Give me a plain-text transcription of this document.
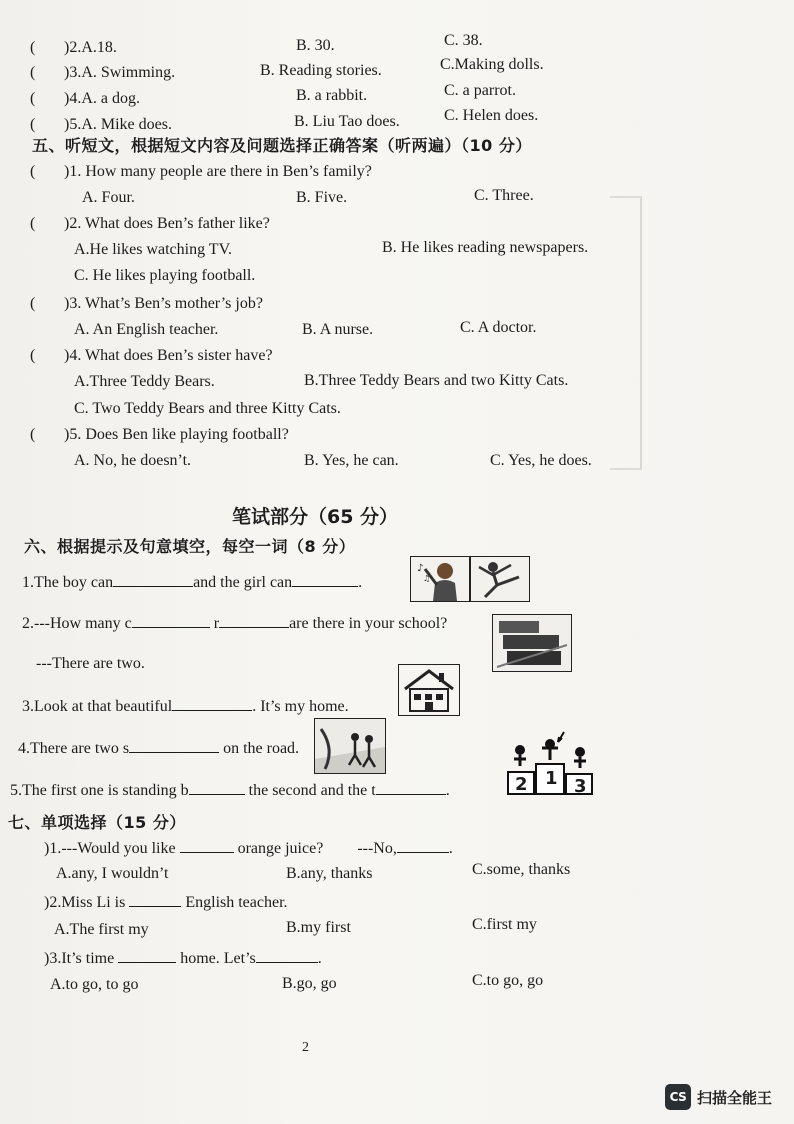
( )2.A.18.	B. 30.	C. 38.
( )3.A. Swimming.	B. Reading stories.	C.Making dolls.
( )4.A. a dog.	B. a rabbit.	C. a parrot.
( )5.A. Mike does.	B. Liu Tao does.	C. Helen does.
五、听短文，根据短文内容及问题选择正确答案（听两遍）（10 分）
( )1. How many people are there in Ben’s family?
A. Four.	B. Five.	C. Three.
( )2. What does Ben’s father like?
A.He likes watching TV.	B. He likes reading newspapers.
C. He likes playing football.
( )3. What’s Ben’s mother’s job?
A. An English teacher.	B. A nurse.	C. A doctor.
( )4. What does Ben’s sister have?
A.Three Teddy Bears.	B.Three Teddy Bears and two Kitty Cats.
C. Two Teddy Bears and three Kitty Cats.
( )5. Does Ben like playing football?
A. No, he doesn’t.	B. Yes, he can.	C. Yes, he does.
笔试部分（65 分）
六、根据提示及句意填空，每空一词（8 分）
1.The boy can	and the girl can	.
♪
♫
2.---How many c	r	are there in your school?
---There are two.
3.Look at that beautiful	. It’s my home.
4.There are two s	on the road.
5.The first one is standing b	the second and the t	.	2 1 3
七、单项选择（15 分）
)1.---Would you like	orange juice? ---No,	.
A.any, I wouldn’t	B.any, thanks	C.some, thanks
)2.Miss Li is	English teacher.
A.The first my	B.my first	C.first my
)3.It’s time	home. Let’s	.
A.to go, to go	B.go, go	C.to go, go
2
CS 扫描全能王
